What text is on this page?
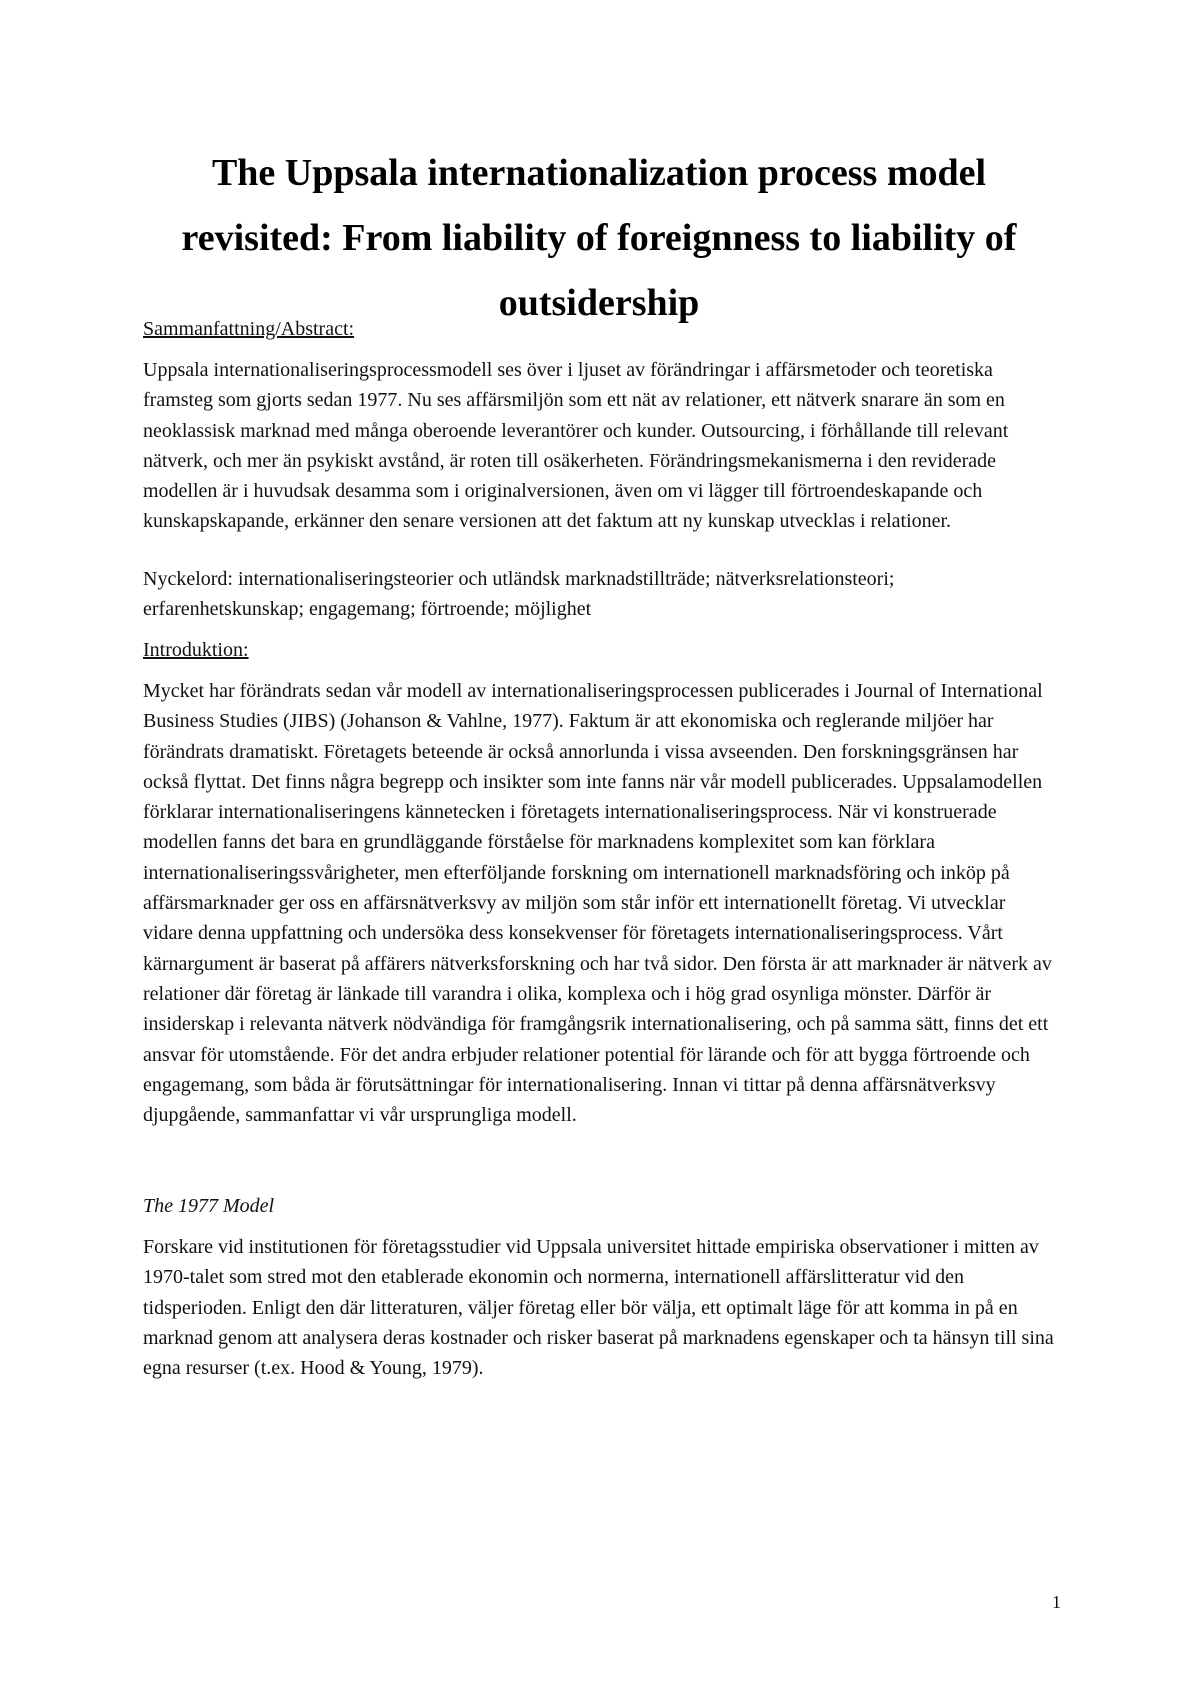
The Uppsala internationalization process model revisited: From liability of foreignness to liability of outsidership

Sammanfattning/Abstract:

Uppsala internationaliseringsprocessmodell ses över i ljuset av förändringar i affärsmetoder och teoretiska framsteg som gjorts sedan 1977. Nu ses affärsmiljön som ett nät av relationer, ett nätverk snarare än som en neoklassisk marknad med många oberoende leverantörer och kunder. Outsourcing, i förhållande till relevant nätverk, och mer än psykiskt avstånd, är roten till osäkerheten. Förändringsmekanismerna i den reviderade modellen är i huvudsak desamma som i originalversionen, även om vi lägger till förtroendeskapande och kunskapskapande, erkänner den senare versionen att det faktum att ny kunskap utvecklas i relationer.

Nyckelord: internationaliseringsteorier och utländsk marknadstillträde; nätverksrelationsteori; erfarenhetskunskap; engagemang; förtroende; möjlighet

Introduktion:

Mycket har förändrats sedan vår modell av internationaliseringsprocessen publicerades i Journal of International Business Studies (JIBS) (Johanson & Vahlne, 1977). Faktum är att ekonomiska och reglerande miljöer har förändrats dramatiskt. Företagets beteende är också annorlunda i vissa avseenden. Den forskningsgränsen har också flyttat. Det finns några begrepp och insikter som inte fanns när vår modell publicerades. Uppsalamodellen förklarar internationaliseringens kännetecken i företagets internationaliseringsprocess. När vi konstruerade modellen fanns det bara en grundläggande förståelse för marknadens komplexitet som kan förklara internationaliseringssvårigheter, men efterföljande forskning om internationell marknadsföring och inköp på affärsmarknader ger oss en affärsnätverksvy av miljön som står inför ett internationellt företag. Vi utvecklar vidare denna uppfattning och undersöka dess konsekvenser för företagets internationaliseringsprocess. Vårt kärnargument är baserat på affärers nätverksforskning och har två sidor. Den första är att marknader är nätverk av relationer där företag är länkade till varandra i olika, komplexa och i hög grad osynliga mönster. Därför är insiderskap i relevanta nätverk nödvändiga för framgångsrik internationalisering, och på samma sätt, finns det ett ansvar för utomstående. För det andra erbjuder relationer potential för lärande och för att bygga förtroende och engagemang, som båda är förutsättningar för internationalisering. Innan vi tittar på denna affärsnätverksvy djupgående, sammanfattar vi vår ursprungliga modell.

The 1977 Model

Forskare vid institutionen för företagsstudier vid Uppsala universitet hittade empiriska observationer i mitten av 1970-talet som stred mot den etablerade ekonomin och normerna, internationell affärslitteratur vid den tidsperioden. Enligt den där litteraturen, väljer företag eller bör välja, ett optimalt läge för att komma in på en marknad genom att analysera deras kostnader och risker baserat på marknadens egenskaper och ta hänsyn till sina egna resurser (t.ex. Hood & Young, 1979).

1
